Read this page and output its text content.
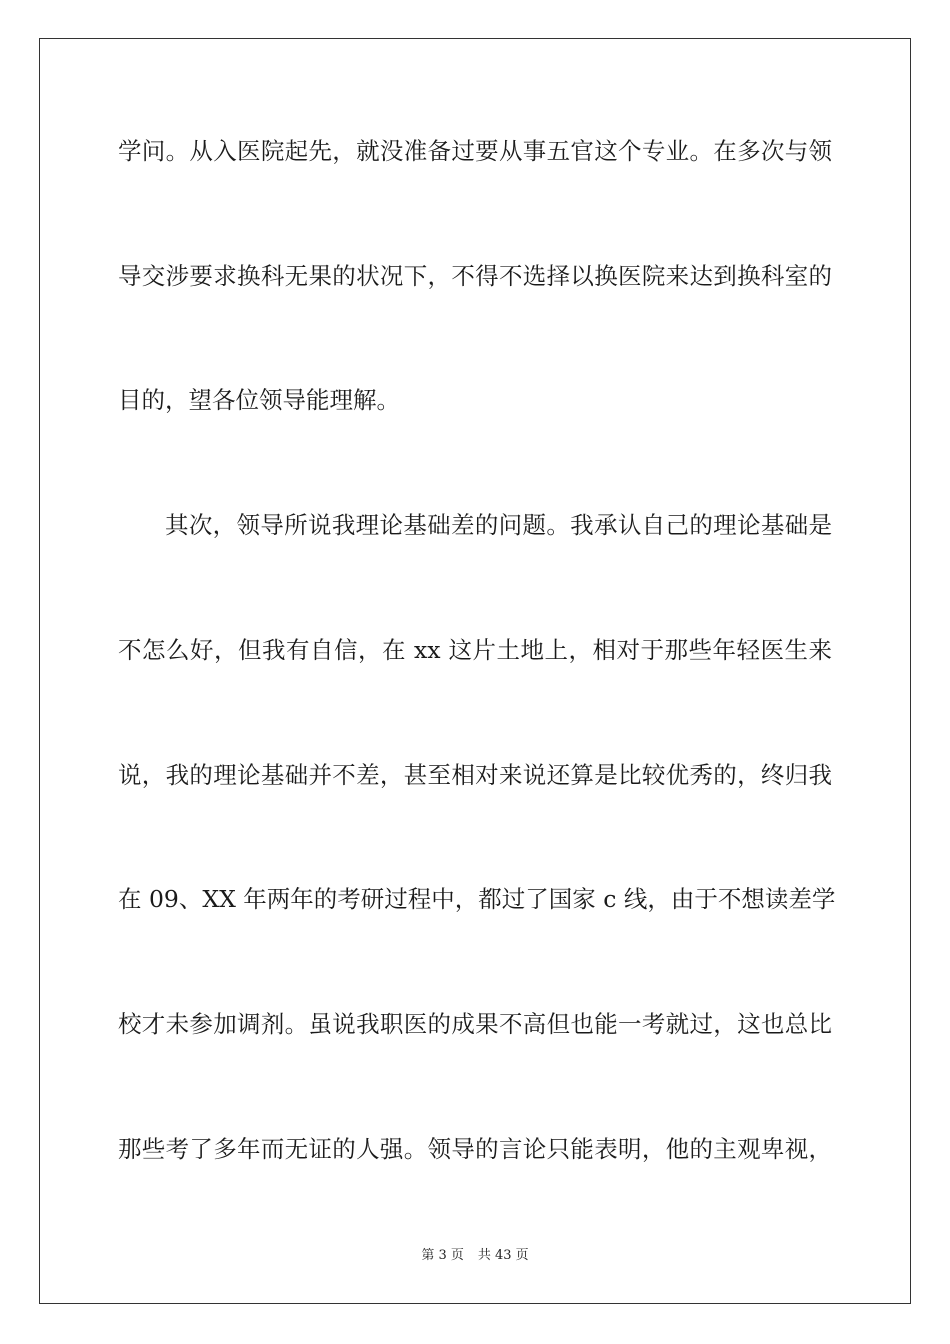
学问。从入医院起先，就没准备过要从事五官这个专业。在多次与领
导交涉要求换科无果的状况下，不得不选择以换医院来达到换科室的
目的，望各位领导能理解。
其次，领导所说我理论基础差的问题。我承认自己的理论基础是
不怎么好，但我有自信，在 xx 这片土地上，相对于那些年轻医生来
说，我的理论基础并不差，甚至相对来说还算是比较优秀的，终归我
在 09、XX 年两年的考研过程中，都过了国家 c 线，由于不想读差学
校才未参加调剂。虽说我职医的成果不高但也能一考就过，这也总比
那些考了多年而无证的人强。领导的言论只能表明，他的主观卑视，
第 3 页 共 43 页
